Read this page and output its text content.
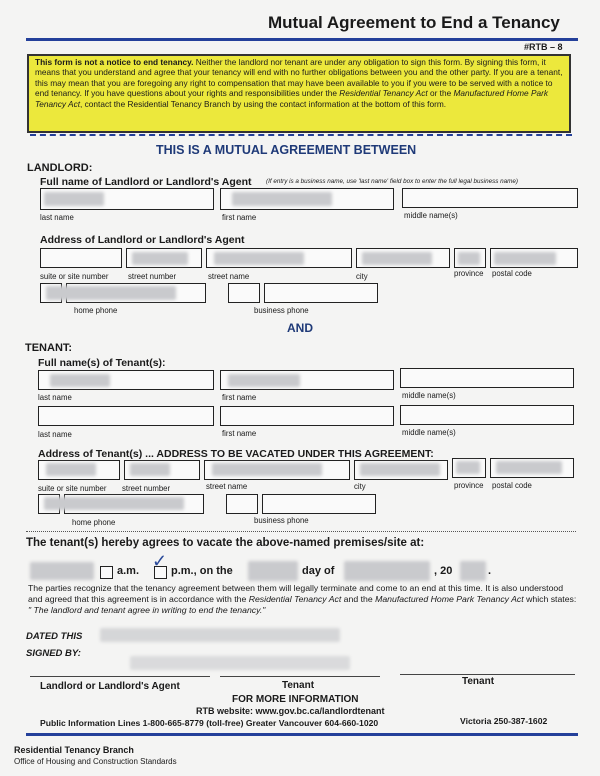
Mutual Agreement to End a Tenancy
#RTB – 8
This form is not a notice to end tenancy. Neither the landlord nor tenant are under any obligation to sign this form. By signing this form, it means that you understand and agree that your tenancy will end with no further obligations between you and the other party. If you are a tenant, this may mean that you are foregoing any right to compensation that may have been available to you if you were to be served with a notice to end tenancy. If you have questions about your rights and responsibilities under the Residential Tenancy Act or the Manufactured Home Park Tenancy Act, contact the Residential Tenancy Branch by using the contact information at the bottom of this form.
THIS IS A MUTUAL AGREEMENT BETWEEN
LANDLORD:
Full name of Landlord or Landlord's Agent (If entry is a business name, use 'last name' field box to enter the full legal business name)
last name	first name	middle name(s)
Address of Landlord or Landlord's Agent
suite or site number	street number	street name	city	province postal code
home phone	business phone
AND
TENANT:
Full name(s) of Tenant(s):
last name	first name	middle name(s)
last name	first name	middle name(s)
Address of Tenant(s) ... ADDRESS TO BE VACATED UNDER THIS AGREEMENT:
suite or site number street number	street name	city	province postal code
home phone	business phone
The tenant(s) hereby agrees to vacate the above-named premises/site at:
a.m. ✓ p.m., on the	day of	, 20	.
The parties recognize that the tenancy agreement between them will legally terminate and come to an end at this time. It is also understood and agreed that this agreement is in accordance with the Residential Tenancy Act and the Manufactured Home Park Tenancy Act which states: " The landlord and tenant agree in writing to end the tenancy."
DATED THIS
SIGNED BY:
Landlord or Landlord's Agent	Tenant	Tenant
FOR MORE INFORMATION
RTB website: www.gov.bc.ca/landlordtenant
Public Information Lines 1-800-665-8779 (toll-free) Greater Vancouver 604-660-1020	Victoria 250-387-1602
Residential Tenancy Branch
Office of Housing and Construction Standards
